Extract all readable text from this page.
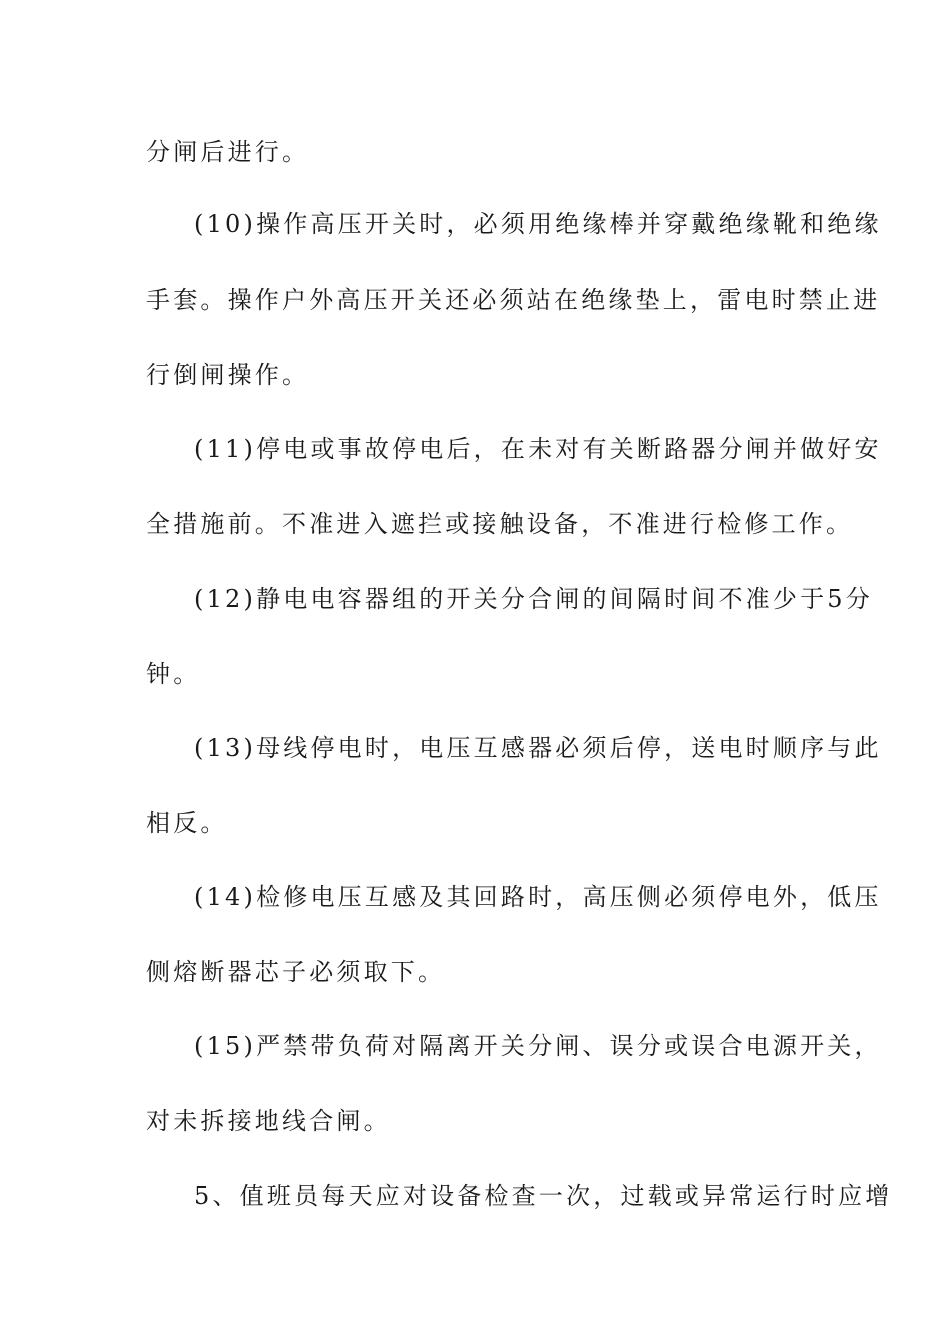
分闸后进行。
(10)操作高压开关时，必须用绝缘棒并穿戴绝缘靴和绝缘
手套。操作户外高压开关还必须站在绝缘垫上，雷电时禁止进
行倒闸操作。
(11)停电或事故停电后，在未对有关断路器分闸并做好安
全措施前。不准进入遮拦或接触设备，不准进行检修工作。
(12)静电电容器组的开关分合闸的间隔时间不准少于5分
钟。
(13)母线停电时，电压互感器必须后停，送电时顺序与此
相反。
(14)检修电压互感及其回路时，高压侧必须停电外，低压
侧熔断器芯子必须取下。
(15)严禁带负荷对隔离开关分闸、误分或误合电源开关，
对未拆接地线合闸。
5、值班员每天应对设备检查一次，过载或异常运行时应增
